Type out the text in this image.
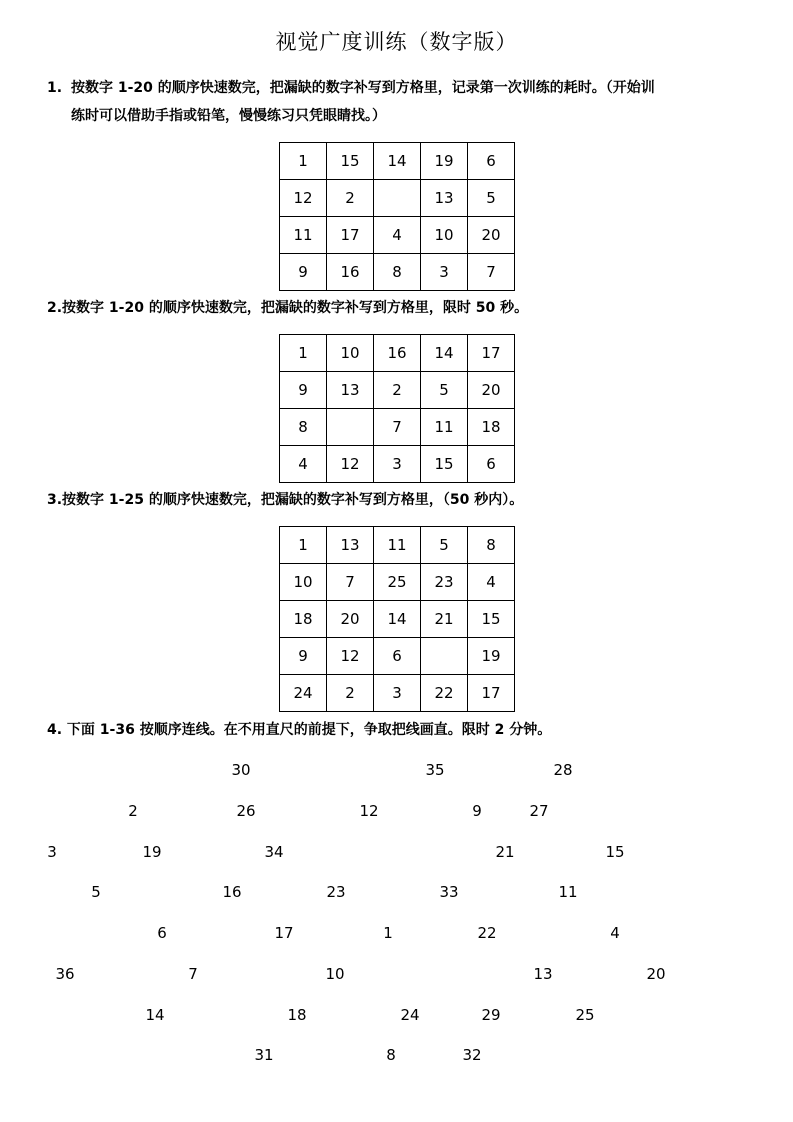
视觉广度训练（数字版）
1. 按数字 1-20 的顺序快速数完，把漏缺的数字补写到方格里，记录第一次训练的耗时。（开始训
练时可以借助手指或铅笔，慢慢练习只凭眼睛找。）
1	15	14	19	6
12	2		13	5
11	17	4	10	20
9	16	8	3	7
2.按数字 1-20 的顺序快速数完，把漏缺的数字补写到方格里，限时 50 秒。
1	10	16	14	17
9	13	2	5	20
8		7	11	18
4	12	3	15	6
3.按数字 1-25 的顺序快速数完，把漏缺的数字补写到方格里，（50 秒内）。
1	13	11	5	8
10	7	25	23	4
18	20	14	21	15
9	12	6		19
24	2	3	22	17
4. 下面 1-36 按顺序连线。在不用直尺的前提下，争取把线画直。限时 2 分钟。
30	35	28
2	26	12	9	27
3	19	34	21	15
5	16	23	33	11
6	17	1	22	4
36	7	10	13	20
14	18	24	29	25
31	8	32
